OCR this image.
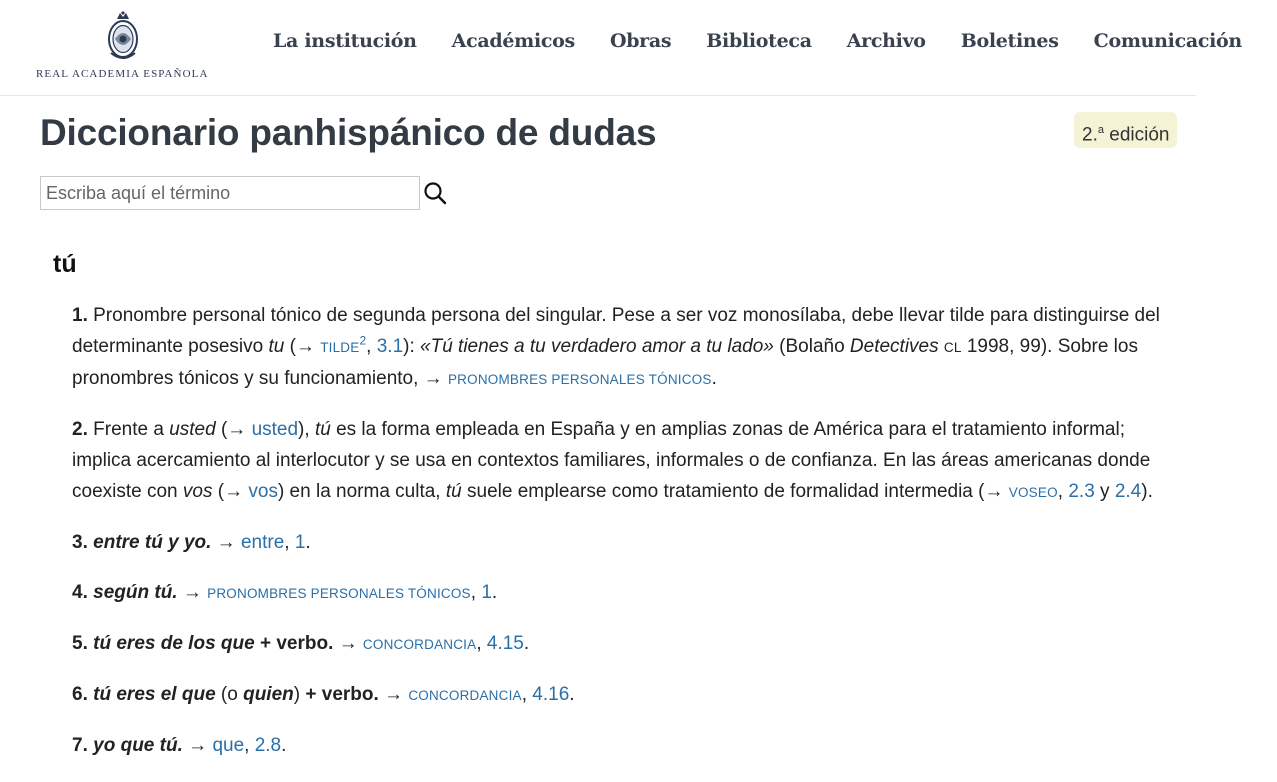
REAL ACADEMIA ESPAÑOLA
La institución Académicos Obras Biblioteca Archivo Boletines Comunicación
Diccionario panhispánico de dudas	2.$^a$ edición
Escriba aquí el término
tú

1. Pronombre personal tónico de segunda persona del singular. Pese a ser voz monosílaba, debe llevar tilde para distinguirse del determinante posesivo tu (→ $TILDE^2$, 3.1): «Tú tienes a tu verdadero amor a tu lado» (Bolaño Detectives CL 1998, 99). Sobre los pronombres tónicos y su funcionamiento, → PRONOMBRES PERSONALES TÓNICOS.

2. Frente a usted (→ usted), tú es la forma empleada en España y en amplias zonas de América para el tratamiento informal; implica acercamiento al interlocutor y se usa en contextos familiares, informales o de confianza. En las áreas americanas donde coexiste con vos (→ vos) en la norma culta, tú suele emplearse como tratamiento de formalidad intermedia (→ VOSEO, 2.3 y 2.4).

3. entre tú y yo. → entre, 1.

4. según tú. → PRONOMBRES PERSONALES TÓNICOS, 1.

5. tú eres de los que + verbo. → CONCORDANCIA, 4.15.

6. tú eres el que (o quien) + verbo. → CONCORDANCIA, 4.16.

7. yo que tú. → que, 2.8.
